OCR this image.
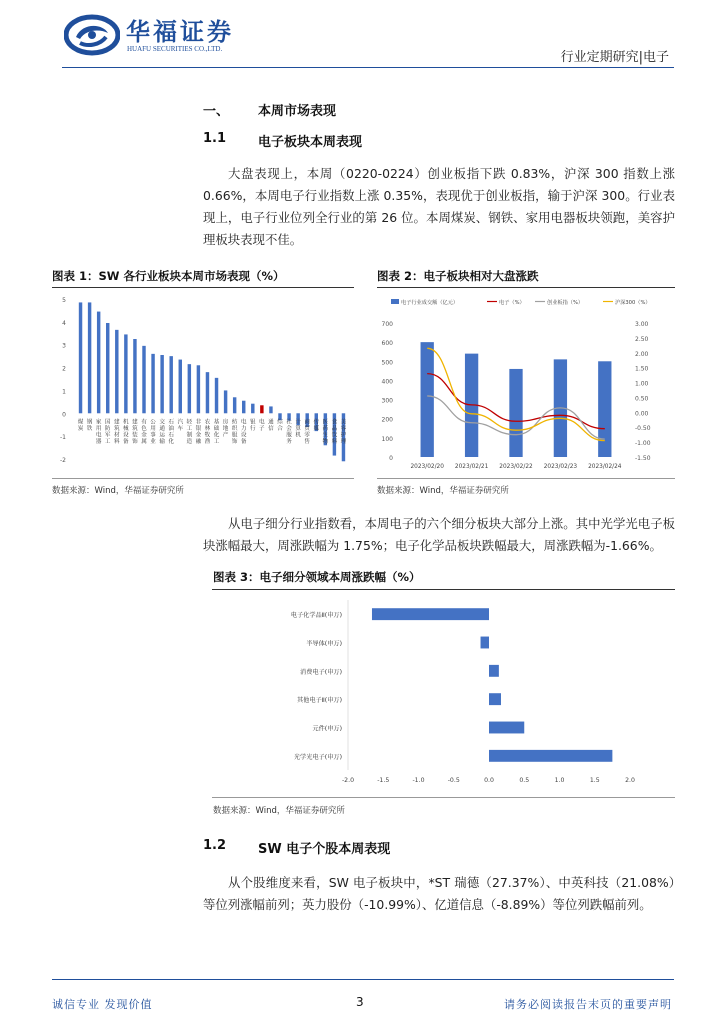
华福证券
HUAFU SECURITIES CO.,LTD.
行业定期研究|电子
一、 本周市场表现
1.1 电子板块本周表现
大盘表现上，本周（0220-0224）创业板指下跌 0.83%，沪深 300 指数上涨 0.66%，本周电子行业指数上涨 0.35%，表现优于创业板指，输于沪深 300。行业表现上，电子行业位列全行业的第 26 位。本周煤炭、钢铁、家用电器板块领跑，美容护理板块表现不佳。
图表 1：SW 各行业板块本周市场表现（%）
5
4
3
2
1
0
-1
-2
煤
炭
钢
铁
家
用
电
器
国
防
军
工
建
筑
材
料
机
械
设
备
建
筑
装
饰
有
色
金
属
公
用
事
业
交
通
运
输
石
油
石
化
汽
车
轻
工
制
造
非
银
金
融
农
林
牧
渔
基
础
化
工
房
地
产
纺
织
服
饰
电
力
设
备
银
行
电
子
通
信
综
合
社
会
服
务
计
算
机
商
贸
零
售
传
媒
医
药
生
物
食
品
饮
料
美
容
护
理
数据来源：Wind，华福证券研究所
图表 2：电子板块相对大盘涨跌
电子行业成交额（亿元）	电子（%）	创业板指（%）	沪深300（%）
0
100
200
300
400
500
600
700	3.00
2.50
2.00
1.50
1.00
0.50
0.00
-0.50
-1.00
-1.50
2023/02/20 2023/02/21 2023/02/22 2023/02/23 2023/02/24
数据来源：Wind，华福证券研究所
从电子细分行业指数看，本周电子的六个细分板块大部分上涨。其中光学光电子板块涨幅最大，周涨跌幅为 1.75%；电子化学品板块跌幅最大，周涨跌幅为-1.66%。
图表 3：电子细分领域本周涨跌幅（%）
电子化学品Ⅱ(申万)
半导体(申万)
消费电子(申万)
其他电子Ⅱ(申万)
元件(申万)
光学光电子(申万)
-2.0	-1.5	-1.0	-0.5	0.0	0.5	1.0	1.5	2.0
数据来源：Wind，华福证券研究所
1.2 SW 电子个股本周表现
从个股维度来看，SW 电子板块中，*ST 瑞德（27.37%）、中英科技（21.08%）等位列涨幅前列；英力股份（-10.99%）、亿道信息（-8.89%）等位列跌幅前列。
诚信专业 发现价值	3	请务必阅读报告末页的重要声明
